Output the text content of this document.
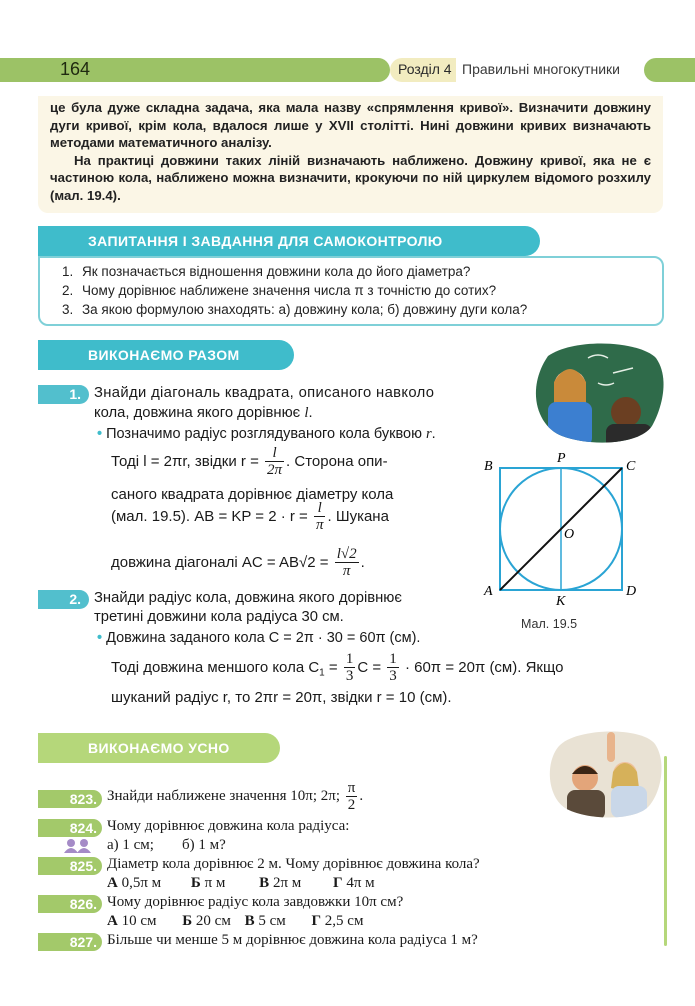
164	Розділ 4 Правильні многокутники

це була дуже складна задача, яка мала назву «спрямлення кривої». Визначити довжину дуги кривої, крім кола, вдалося лише у XVII столітті. Нині довжини кривих визначають методами математичного аналізу.

На практиці довжини таких ліній визначають наближено. Довжину кривої, яка не є частиною кола, наближено можна визначити, крокуючи по ній циркулем відомого розхилу (мал. 19.4).

ЗАПИТАННЯ І ЗАВДАННЯ ДЛЯ САМОКОНТРОЛЮ
1. Як позначається відношення довжини кола до його діаметра?
2. Чому дорівнює наближене значення числа π з точністю до сотих?
3. За якою формулою знаходять: а) довжину кола; б) довжину дуги кола?
ВИКОНАЄМО РАЗОМ
1. Знайди діагональ квадрата, описаного навколо
кола, довжина якого дорівнює l.
• Позначимо радіус розглядуваного кола буквою r.
Тоді l = 2πr, звідки $r = \frac{l}{2\pi}$ . Сторона опи-
саного квадрата дорівнює діаметру кола
(мал. 19.5). AB = KP = $2 \cdot r = \frac{l}{\pi}$ . Шукана
довжина діагоналі AC = $AB√2 = \frac{l√2}{\pi}$ .
B
P
C
O
A
K
D
Мал. 19.5
2. Знайди радіус кола, довжина якого дорівнює
третині довжини кола радіуса 30 см.
• Довжина заданого кола C = 2π · 30 = 60π (см).
Тоді довжина меншого кола $C_1 = \frac{1}{3}$ $C = \frac{1}{3} \cdot 60\pi = 20\pi$ (см). Якщо
шуканий радіус r, то 2πr = 20π, звідки r = 10 (см).
ВИКОНАЄМО УСНО
823. Знайди наближене значення 10π; 2π; $\frac{\pi}{2}$ .
824. Чому дорівнює довжина кола радіуса:
а) 1 см; б) 1 м?
825. Діаметр кола дорівнює 2 м. Чому дорівнює довжина кола?
А 0,5π м Б π м В 2π м Г 4π м
826. Чому дорівнює радіус кола завдовжки 10π см?
А 10 см Б 20 см В 5 см Г 2,5 см
827. Більше чи менше 5 м дорівнює довжина кола радіуса 1 м?
